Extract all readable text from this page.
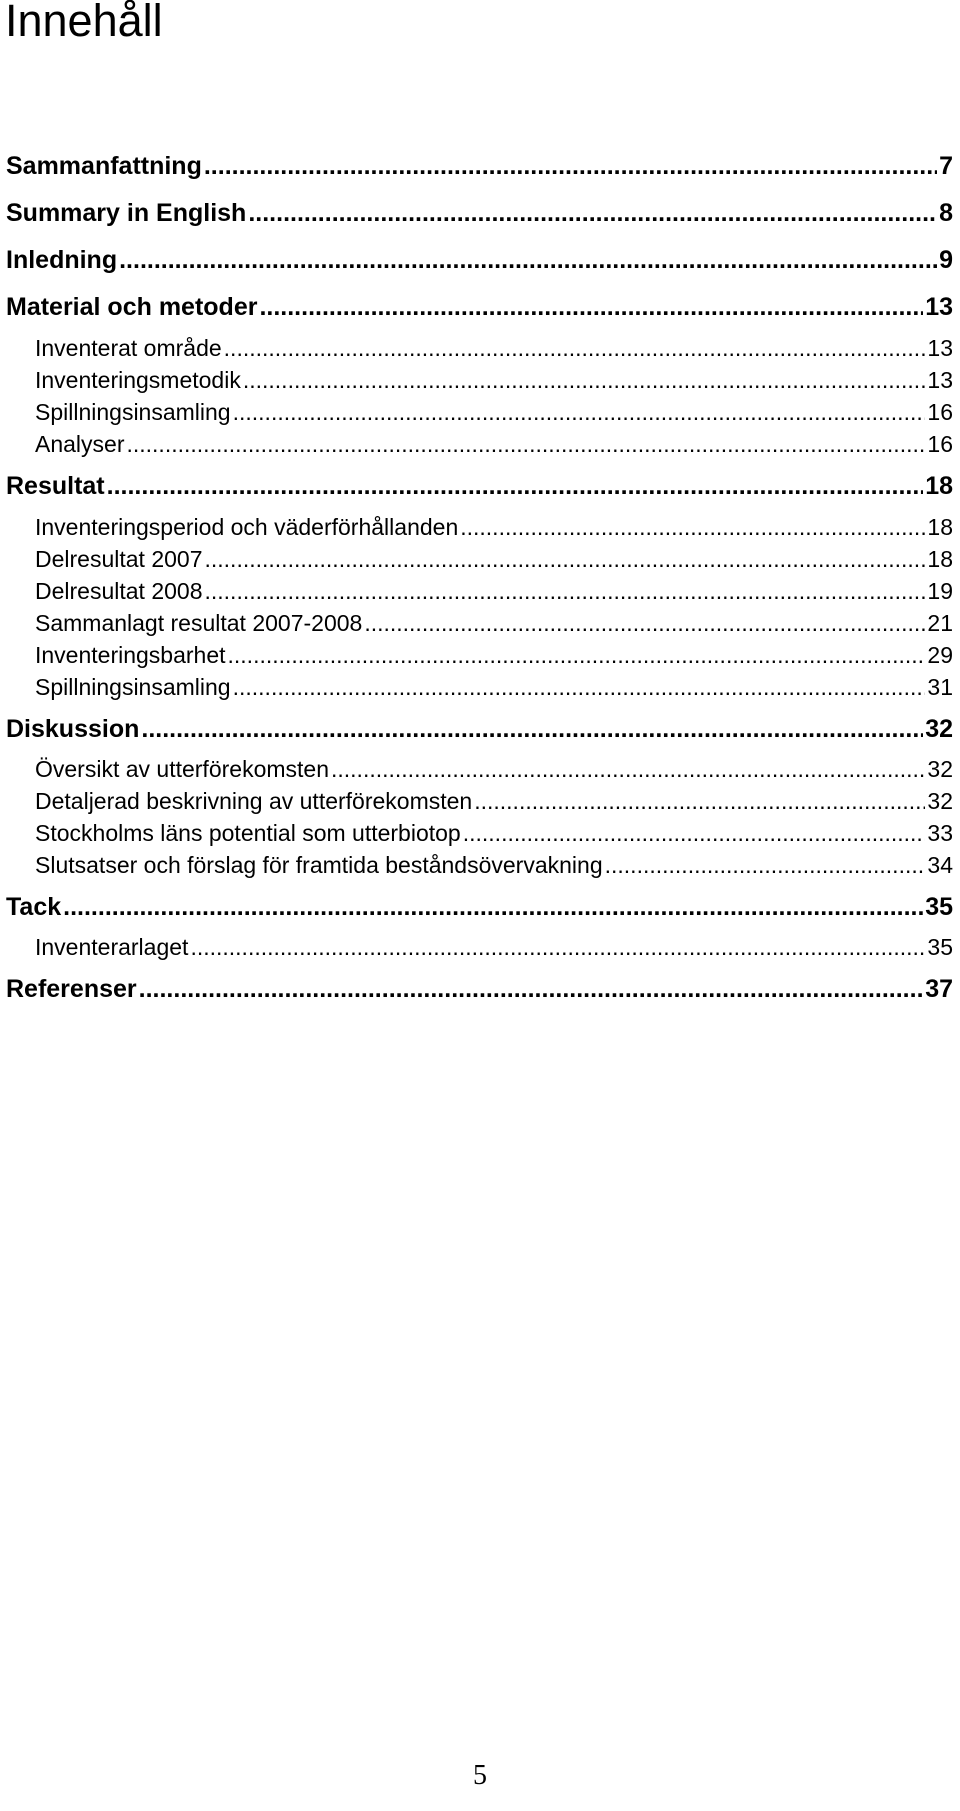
Innehåll
Sammanfattning .....	7
Summary in English .....	8
Inledning .....	9
Material och metoder .....	13
Inventerat område .....	13
Inventeringsmetodik .....	13
Spillningsinsamling .....	16
Analyser .....	16
Resultat .....	18
Inventeringsperiod och väderförhållanden .....	18
Delresultat 2007 .....	18
Delresultat 2008 .....	19
Sammanlagt resultat 2007-2008 .....	21
Inventeringsbarhet .....	29
Spillningsinsamling .....	31
Diskussion .....	32
Översikt av utterförekomsten .....	32
Detaljerad beskrivning av utterförekomsten .....	32
Stockholms läns potential som utterbiotop .....	33
Slutsatser och förslag för framtida beståndsövervakning .....	34
Tack .....	35
Inventerarlaget .....	35
Referenser .....	37
5
